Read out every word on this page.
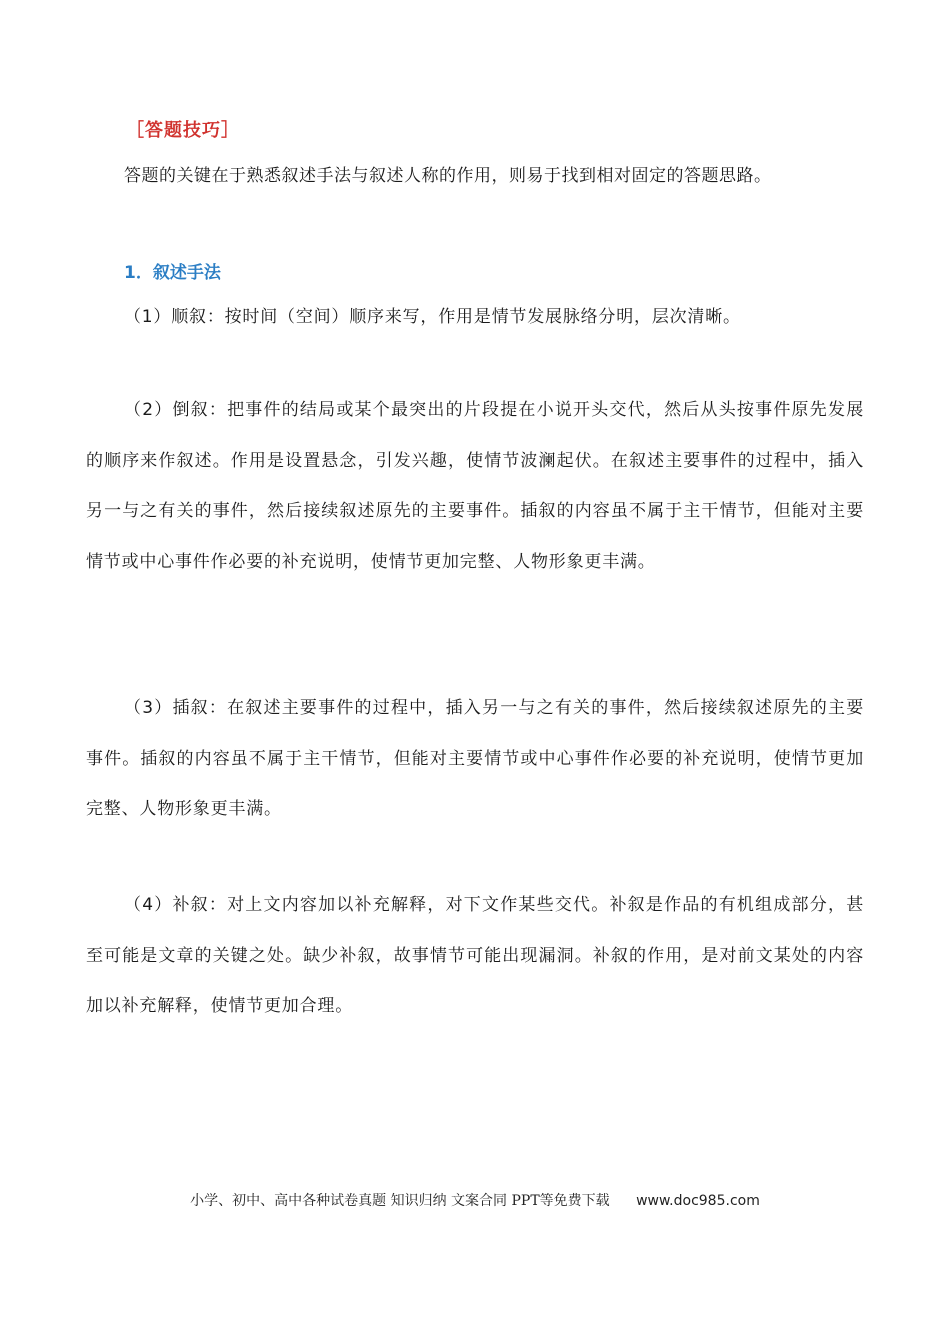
［答题技巧］
答题的关键在于熟悉叙述手法与叙述人称的作用，则易于找到相对固定的答题思路。
1．叙述手法

（1）顺叙：按时间（空间）顺序来写，作用是情节发展脉络分明，层次清晰。

（2）倒叙：把事件的结局或某个最突出的片段提在小说开头交代，然后从头按事件原先发展的顺序来作叙述。作用是设置悬念，引发兴趣，使情节波澜起伏。在叙述主要事件的过程中，插入另一与之有关的事件，然后接续叙述原先的主要事件。插叙的内容虽不属于主干情节，但能对主要情节或中心事件作必要的补充说明，使情节更加完整、人物形象更丰满。

（3）插叙：在叙述主要事件的过程中，插入另一与之有关的事件，然后接续叙述原先的主要事件。插叙的内容虽不属于主干情节，但能对主要情节或中心事件作必要的补充说明，使情节更加完整、人物形象更丰满。

（4）补叙：对上文内容加以补充解释，对下文作某些交代。补叙是作品的有机组成部分，甚至可能是文章的关键之处。缺少补叙，故事情节可能出现漏洞。补叙的作用，是对前文某处的内容加以补充解释，使情节更加合理。

小学、初中、高中各种试卷真题 知识归纳 文案合同 PPT等免费下载 www.doc985.com
